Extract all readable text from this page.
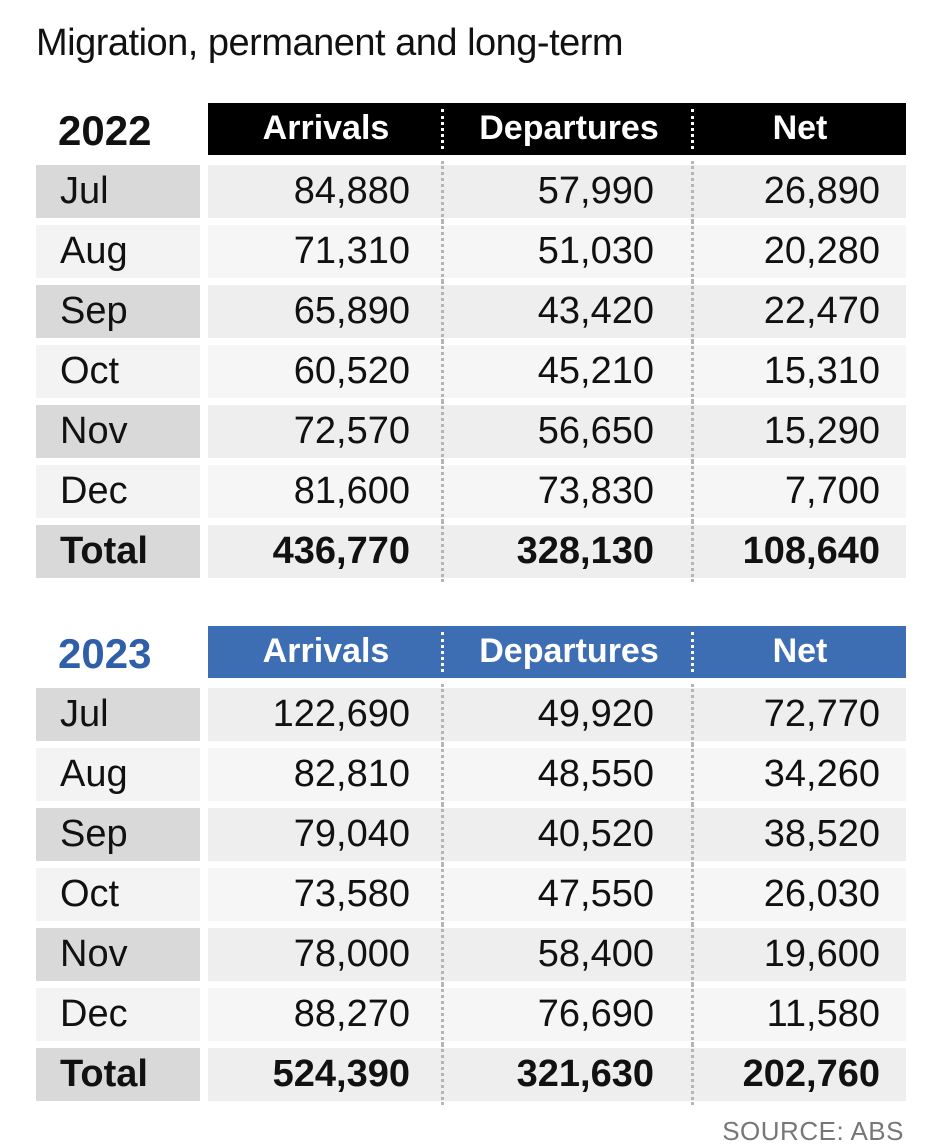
Migration, permanent and long-term
2022	Arrivals	Departures	Net
Jul	84,880	57,990	26,890
Aug	71,310	51,030	20,280
Sep	65,890	43,420	22,470
Oct	60,520	45,210	15,310
Nov	72,570	56,650	15,290
Dec	81,600	73,830	7,700
Total	436,770	328,130	108,640
2023	Arrivals	Departures	Net
Jul	122,690	49,920	72,770
Aug	82,810	48,550	34,260
Sep	79,040	40,520	38,520
Oct	73,580	47,550	26,030
Nov	78,000	58,400	19,600
Dec	88,270	76,690	11,580
Total	524,390	321,630	202,760
SOURCE: ABS
